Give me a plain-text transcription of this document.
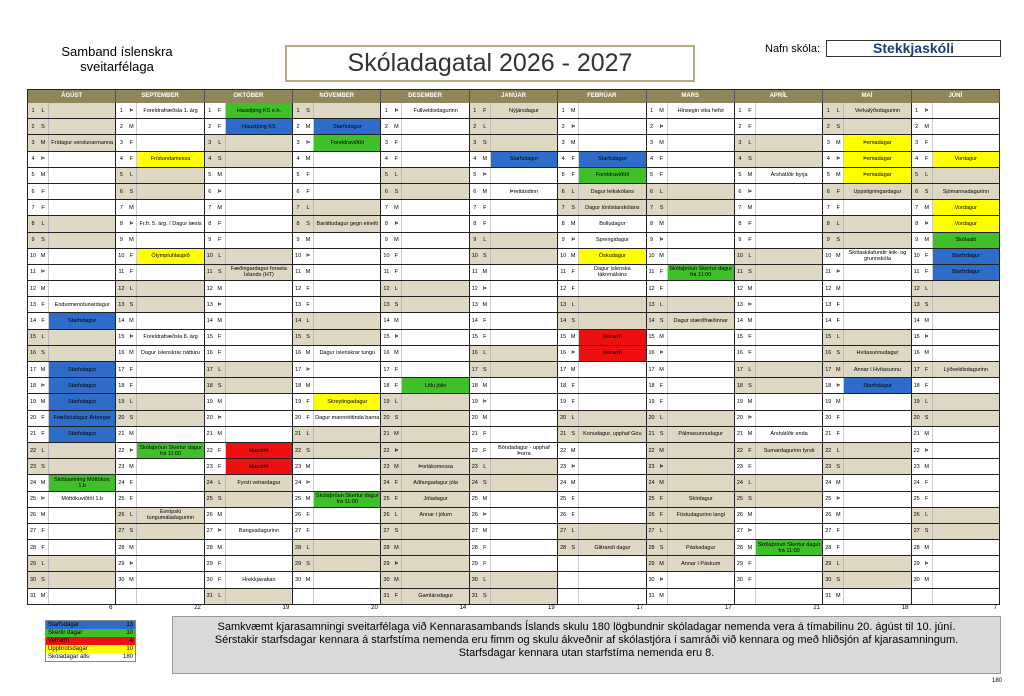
Samband íslenskra sveitarfélaga	Skóladagatal 2026 - 2027	Nafn skóla:	Stekkjaskóli
ÁGÚST
1	L
2	S
3	M	Frídagur verslunarmanna
4	Þ
5	M
6	F
7	F
8	L
9	S
10 M
11 Þ
12 M
13 F	Endurmenntunardagur
14 F	Starfsdagur
15 L
16 S
17 M	Starfsdagur
18 Þ	Starfsdagur
19 M	Starfsdagur
20 F	Fræðsludagur Árborgar
21 F	Starfsdagur
22 L
23 S
24 M	Skólasetning Móttökuv. 1.b
25 Þ	Móttökuviðtöl 1.b
26 M
27 F
28 F
29 L
30 S
31 M
SEPTEMBER
1	Þ	Foreldrafræðsla 1. árg
2	M
3	F
4	F	Frístundamessa
5	L
6	S
7	M
8	Þ	Fr.fr. 5. árg. / Dagur læsis
9	M
10 F	Ólympíuhlaupið
11 F
12 L
13 S
14 M
15 Þ	Foreldrafræðsla 8. árg
16 M	Dagur íslenskrar náttúru
17 F
18 F
19 L
20 S
21 M
22 Þ	Skólaþróun Skertur dagur frá 11:00
23 M
24 F
25 F
26 L	Evrópski tungumáladagurinn
27 S
28 M
29 Þ
30 M
OKTÓBER
1	F	Haustþing KS e.h.
2	F	Haustþing KS
3	L
4	S
5	M
6	Þ
7	M
8	F
9	F
10 L
11 S	Fæðingardagur forseta Íslands (HT)
12 M
13 Þ
14 M
15 F
16 F
17 L
18 S
19 M
20 Þ
21 M
22 F	Haustfrí
23 F	Haustfrí
24 L	Fyrsti vetrardagur
25 S
26 M
27 Þ	Bangsadagurinn
28 M
29 F
30 F	Hrekkjavakan
31 L
NÓVEMBER
1	S
2	M	Starfsdagur
3	Þ	Foreldraviðtöl
4	M
5	F
6	F
7	L
8	S	Baráttudagur gegn einelti
9	M
10 Þ
11 M
12 F
13 F
14 L
15 S
16 M	Dagur íslenskrar tungu
17 Þ
18 M
19 F	Skreytingadagur
20 F Dagur mannréttinda barna
21 L
22 S
23 M
24 Þ
25 M	Skólaþróun Skertur dagur frá 11:00
26 F
27 F
28 L
29 S
30 M
DESEMBER
1	Þ	Fullveldisdagurinn
2	M
3	F
4	F
5	L
6	S
7	M
8	Þ
9	M
10 F
11 F
12 L
13 S
14 M
15 Þ
16 M
17 F
18 F	Litlu jólin
19 L
20 S
21 M
22 Þ
23 M	Þorláksmessa
24 F	Aðfangadagur jóla
25 F	Jóladagur
26 L	Annar í jólum
27 S
28 M
29 Þ
30 M
31 F	Gamlársdagur
JANÚAR
1	F	Nýjársdagur
2	L
3	S
4	M	Starfsdagur
5	Þ
6	M	Þrettándinn
7	F
8	F
9	L
10 S
11 M
12 Þ
13 M
14 F
15 F
16 L
17 S
18 M
19 Þ
20 M
21 F
22 F	Bóndadagur - upphaf Þorra
23 L
24 S
25 M
26 Þ
27 M
28 F
29 F
30 L
31 S
FEBRÚAR
1	M
2	Þ
3	M
4	F	Starfsdagur
5	F	Foreldraviðtöl
6	L	Dagur leikskólans
7	S	Dagur tónlistarskólans
8	M	Bolludagur
9	Þ	Sprengidagur
10 M	Öskudagur
11 F	Dagur íslenska táknmálsins
12 F
13 L
14 S
15 M	Vetrarfrí
16 Þ	Vetrarfrí
17 M
18 F
19 F
20 L
21 S	Konudagur, upphaf Góu
22 M
23 Þ
24 M
25 F
26 F
27 L
28 S	Glitrandi dagur
MARS
1	M	Hinsegin vika hefst
2	Þ
3	M
4	F
5	F
6	L
7	S
8	M
9	Þ
10 M
11 F	Skólaþróun Skertur dagur frá 11:00
12 F
13 L
14 S	Dagur stærðfræðinnar
15 M
16 Þ
17 M
18 F
19 F
20 L
21 S	Pálmasunnudagur
22 M
23 Þ
24 M
25 F	Skírdagur
26 F	Föstudagurinn langi
27 L
28 S	Páskadagur
29 M	Annar í Páskum
30 Þ
31 M
APRÍL
1	F
2	F
3	L
4	S
5	M	Árshátíðir byrja
6	Þ
7	M
8	F
9	F
10 L
11 S
12 M
13 Þ
14 M
15 F
16 F
17 L
18 S
19 M
20 Þ
21 M	Árshátíðir enda
22 F	Sumardagurinn fyrsti
23 F
24 L
25 S
26 M
27 Þ
28 M	Skólaþróun Skertur dagur frá 11:00
29 F
30 F
MAÍ
1	L	Verkalýðsdagurinn
2	S
3	M	Þemadagar
4	Þ	Þemadagar
5	M	Þemadagar
6	F	Uppstigningardagur
7	F
8	L
9	S
10 M	Skólaskilafundir leik- og grunnskóla
11 Þ
12 M
13 F
14 F
15 L
16 S	Hvítasunnudagur
17 M	Annar í Hvítasunnu
18 Þ	Starfsdagur
19 M
20 F
21 F
22 L
23 S
24 M
25 Þ
26 M
27 F
28 F
29 L
30 S
31 M
JÚNÍ
1	Þ
2	M
3	F
4	F	Vordagur
5	L
6	S	Sjómannadagurinn
7	M	Vordagur
8	Þ	Vordagur
9	M	Skólaslit
10 F	Starfsdagur
11 F	Starfsdagur
12 L
13 S
14 M
15 Þ
16 M
17 F	Lýðveldisdagurinn
18 F
19 L
20 S
21 M
22 Þ
23 M
24 F
25 F
26 L
27 S
28 M
29 Þ
30 M
6	22	19	20	14	19	17	17	21	18	7
Starfsdagar	13
Skertir dagar	10
Vetrarfrí	4
Uppbrotsdagar	10
Skóladagar alls:	180
Samkvæmt kjarasamningi sveitarfélaga við Kennarasambands Íslands skulu 180 lögbundnir skóladagar nemenda vera á tímabilinu 20. ágúst til 10. júní.
Sérstakir starfsdagar kennara á starfstíma nemenda eru fimm og skulu ákveðnir af skólastjóra í samráði við kennara og með hliðsjón af kjarasamningum.
Starfsdagar kennara utan starfstíma nemenda eru 8.
180
